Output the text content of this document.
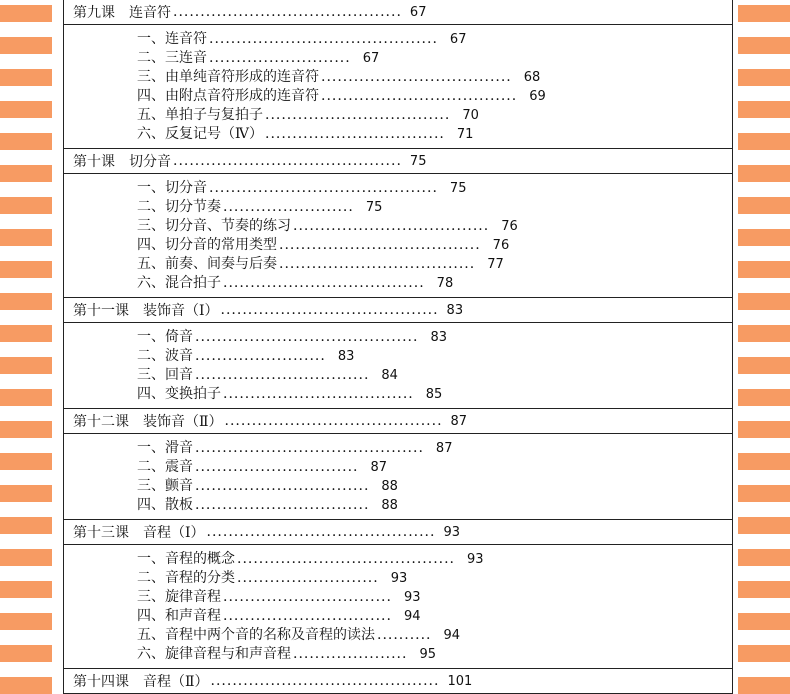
第九课 连音符 .......................................... 67
一、连音符 .......................................... 67
二、三连音 .......................... 67
三、由单纯音符形成的连音符 ................................... 68
四、由附点音符形成的连音符 .................................... 69
五、单拍子与复拍子 .................................. 70
六、反复记号（Ⅳ） ................................. 71
第十课 切分音 .......................................... 75
一、切分音 .......................................... 75
二、切分节奏 ........................ 75
三、切分音、节奏的练习 .................................... 76
四、切分音的常用类型 ..................................... 76
五、前奏、间奏与后奏 .................................... 77
六、混合拍子 ..................................... 78
第十一课 装饰音（Ⅰ） ........................................ 83
一、倚音 ......................................... 83
二、波音 ........................ 83
三、回音 ................................ 84
四、变换拍子 ................................... 85
第十二课 装饰音（Ⅱ） ........................................ 87
一、滑音 .......................................... 87
二、震音 .............................. 87
三、颤音 ................................ 88
四、散板 ................................ 88
第十三课 音程（Ⅰ） .......................................... 93
一、音程的概念 ........................................ 93
二、音程的分类 .......................... 93
三、旋律音程 ............................... 93
四、和声音程 ............................... 94
五、音程中两个音的名称及音程的读法 .......... 94
六、旋律音程与和声音程 ..................... 95
第十四课 音程（Ⅱ） .......................................... 101
